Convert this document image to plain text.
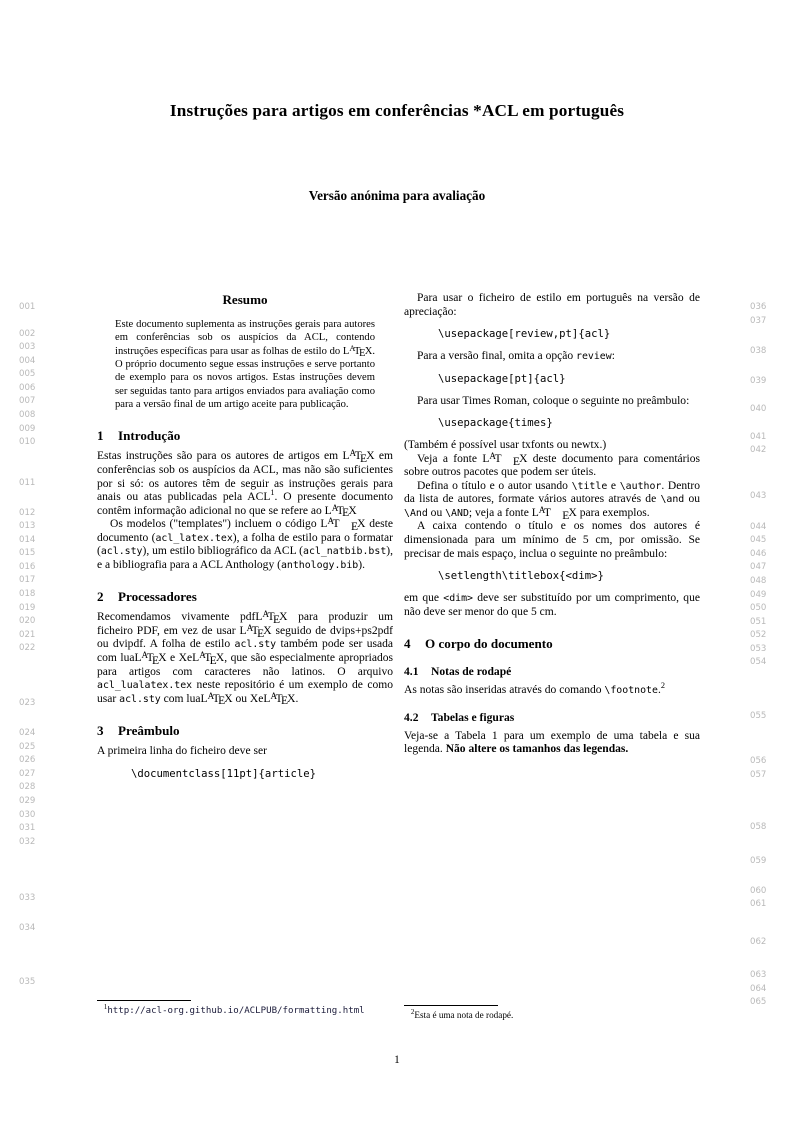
Instruções para artigos em conferências *ACL em português
Versão anónima para avaliação
001
002
003
004
005
006
007
008
009
010
011
012
013
014
015
016
017
018
019
020
021
022
023
024
025
026
027
028
029
030
031
032
033
034
035
036
037
038
039
040
041
042
043
044
045
046
047
048
049
050
051
052
053
054
055
056
057
058
059
060
061
062
063
064
065
Resumo
Este documento suplementa as instruções gerais para autores em conferências sob os auspícios da ACL, contendo instruções específicas para usar as folhas de estilo do $L^ATEX$. O próprio documento segue essas instruções e serve portanto de exemplo para os novos artigos. Estas instruções devem ser seguidas tanto para artigos enviados para avaliação como para a versão final de um artigo aceite para publicação.
1 Introdução

Estas instruções são para os autores de artigos em $L^ATEX$ em conferências sob os auspícios da ACL, mas não são suficientes por si só: os autores têm de seguir as instruções gerais para anais ou atas publicadas pela ACL$^1$. O presente documento contêm informação adicional no que se refere ao $L^ATEX$

Os modelos ("templates") incluem o código $L^AT$ EX deste documento (acl_latex.tex), a folha de estilo para o formatar (acl.sty), um estilo bibliográfico da ACL (acl_natbib.bst), e a bibliografia para a ACL Anthology (anthology.bib).

2 Processadores

Recomendamos vivamente pdfL$^A$TEX para produzir um ficheiro PDF, em vez de usar $L^ATEX$ seguido de dvips+ps2pdf ou dvipdf. A folha de estilo acl.sty também pode ser usada com luaL$^A$TEX e XeL$^A$TEX, que são especialmente apropriados para artigos com caracteres não latinos. O arquivo acl_lualatex.tex neste repositório é um exemplo de como usar acl.sty com luaL$^A$TEX ou XeL$^A$TEX.

3 Preâmbulo

A primeira linha do ficheiro deve ser

\documentclass[11pt]{article}

$^1$http://acl-org.github.io/ACLPUB/formatting.html

Para usar o ficheiro de estilo em português na versão de apreciação:

\usepackage[review,pt]{acl}

Para a versão final, omita a opção review:

\usepackage[pt]{acl}

Para usar Times Roman, coloque o seguinte no preâmbulo:

\usepackage{times}

(Também é possível usar txfonts ou newtx.)

Veja a fonte $L^AT$ EX deste documento para comentários sobre outros pacotes que podem ser úteis.

Defina o título e o autor usando \title e \author. Dentro da lista de autores, formate vários autores através de \and ou \And ou \AND; veja a fonte $L^AT$ EX para exemplos.

A caixa contendo o título e os nomes dos autores é dimensionada para um mínimo de 5 cm, por omissão. Se precisar de mais espaço, inclua o seguinte no preâmbulo:

\setlength\titlebox{<dim>}

em que <dim> deve ser substituído por um comprimento, que não deve ser menor do que 5 cm.

4 O corpo do documento
4.1 Notas de rodapé

As notas são inseridas através do comando \footnote.$^2$

4.2 Tabelas e figuras

Veja-se a Tabela 1 para um exemplo de uma tabela e sua legenda. Não altere os tamanhos das legendas.

$^2$Esta é uma nota de rodapé.
1
